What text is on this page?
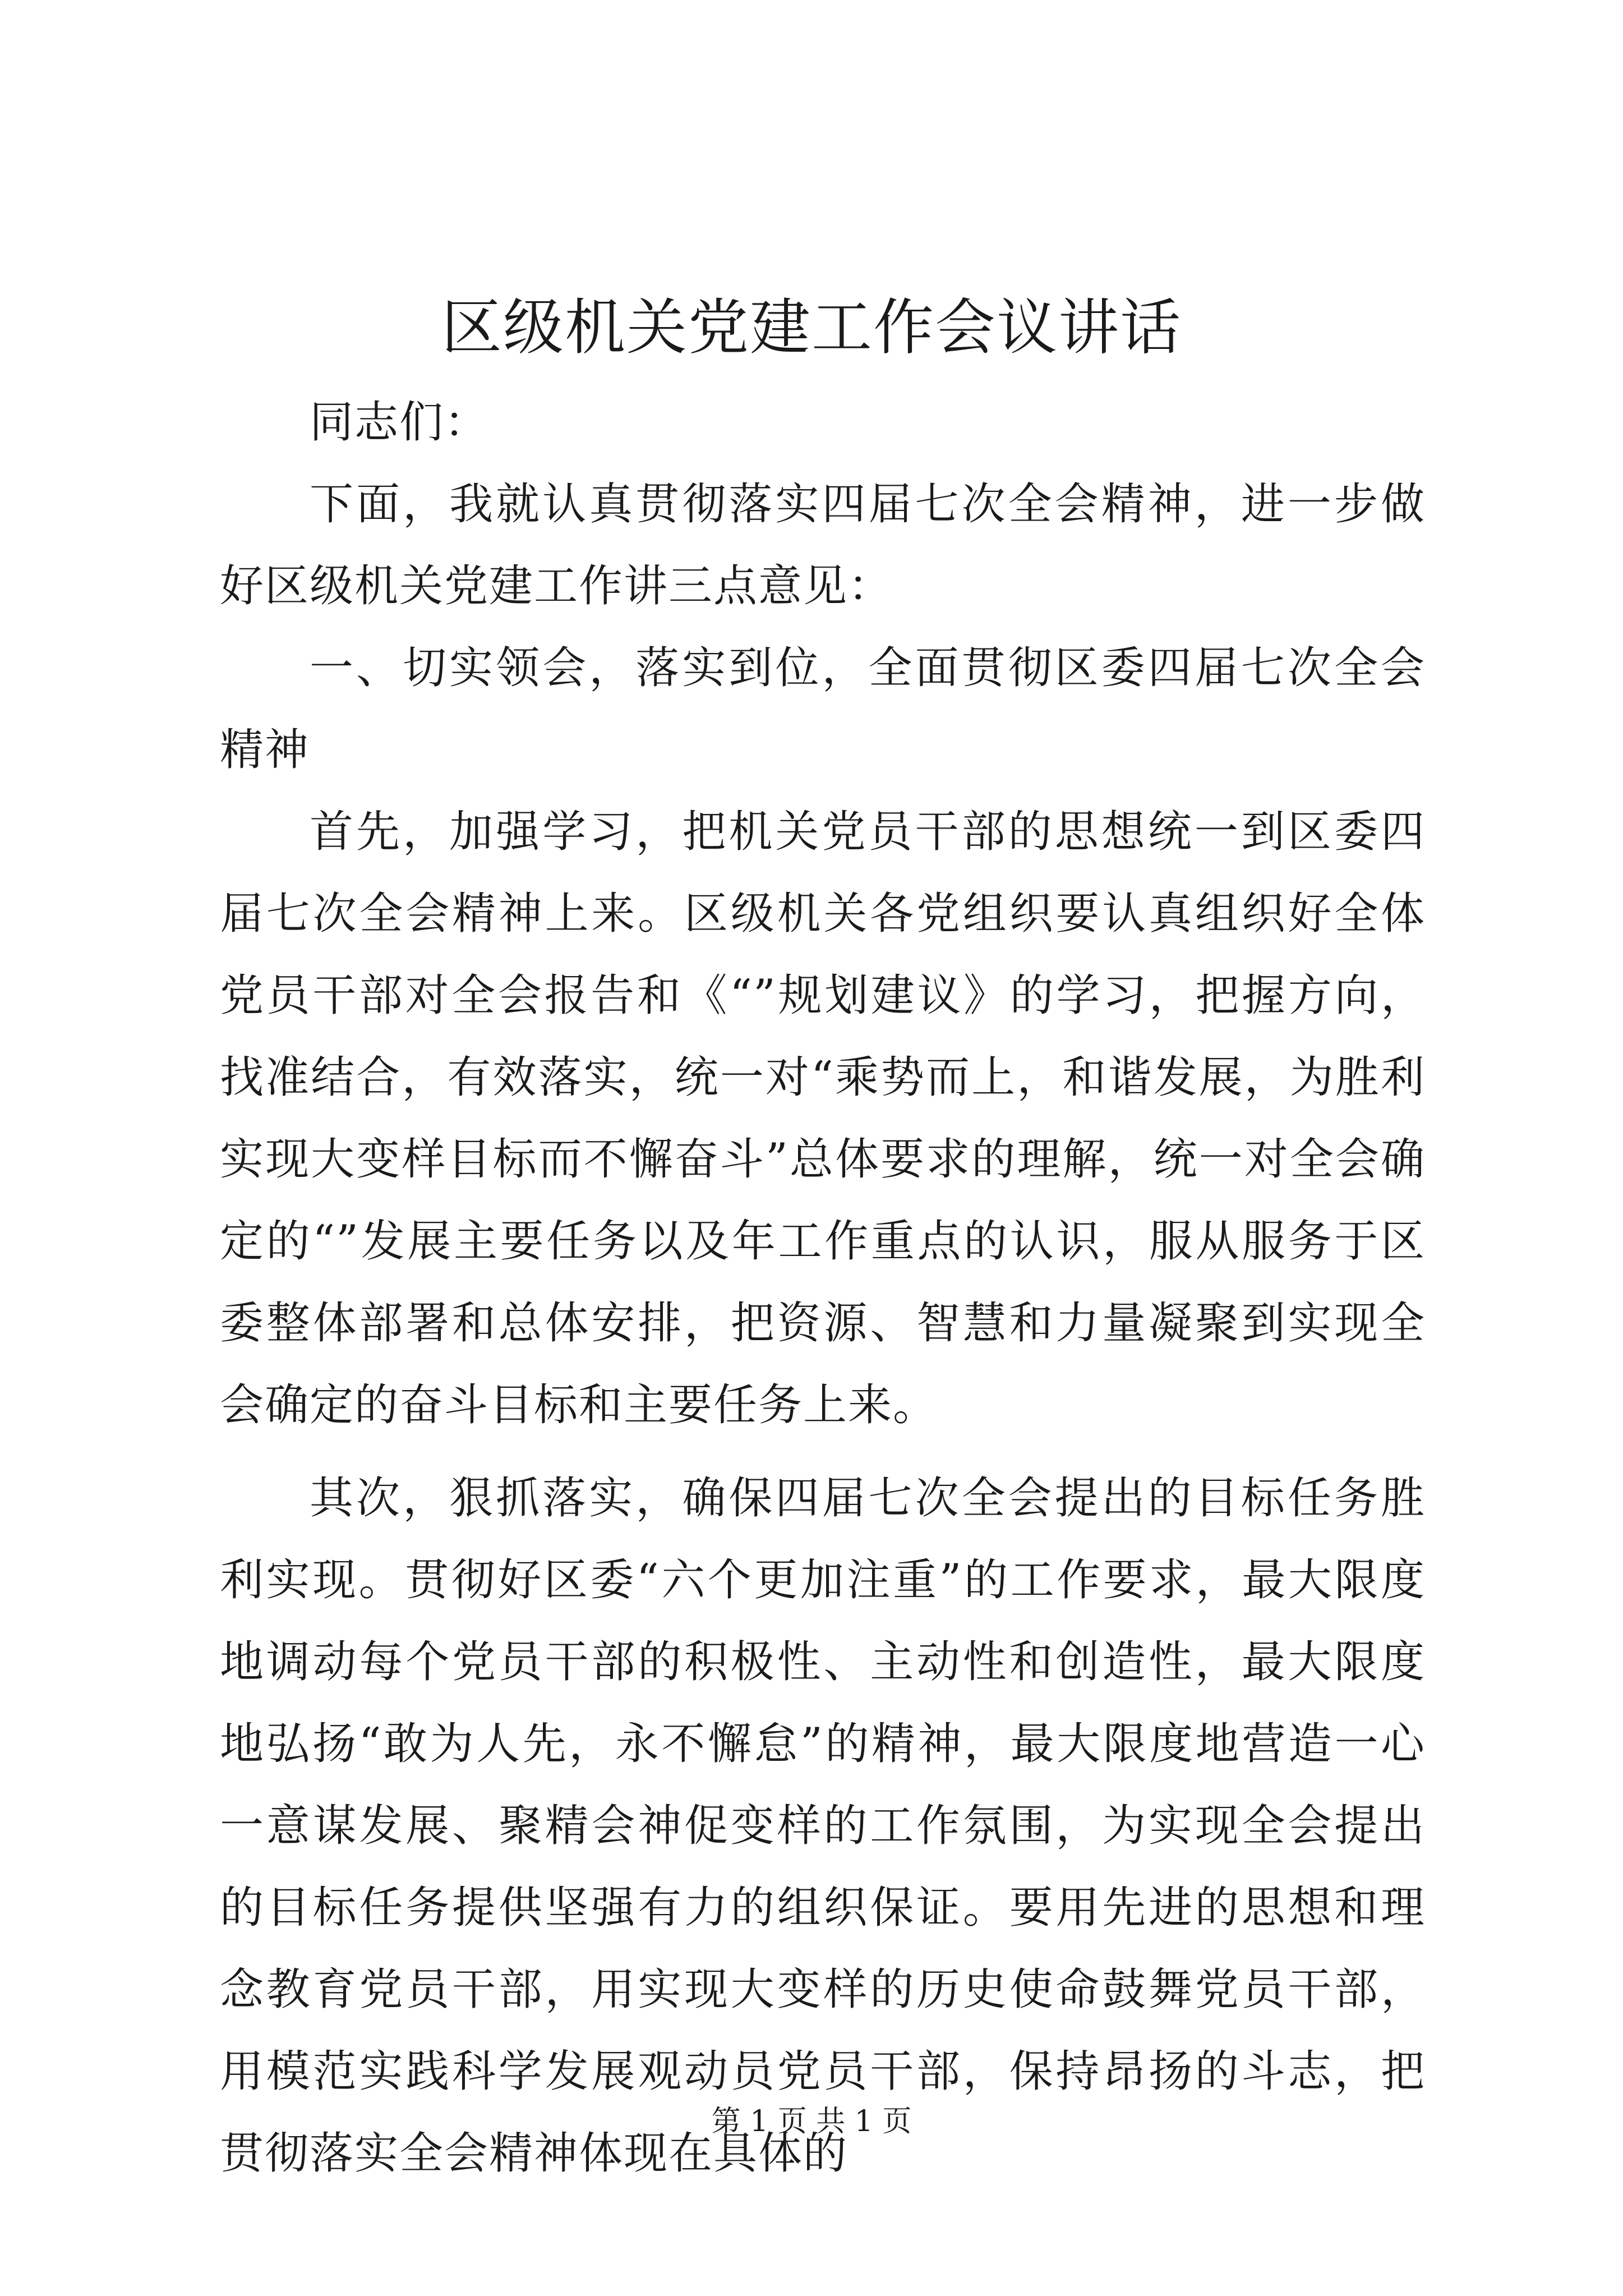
区级机关党建工作会议讲话

同志们：

下面，我就认真贯彻落实四届七次全会精神，进一步做好区级机关党建工作讲三点意见：

一、切实领会，落实到位，全面贯彻区委四届七次全会精神

首先，加强学习，把机关党员干部的思想统一到区委四届七次全会精神上来。区级机关各党组织要认真组织好全体党员干部对全会报告和《“”规划建议》的学习，把握方向，找准结合，有效落实，统一对“乘势而上，和谐发展，为胜利实现大变样目标而不懈奋斗”总体要求的理解，统一对全会确定的“”发展主要任务以及年工作重点的认识，服从服务于区委整体部署和总体安排，把资源、智慧和力量凝聚到实现全会确定的奋斗目标和主要任务上来。

其次，狠抓落实，确保四届七次全会提出的目标任务胜利实现。贯彻好区委“六个更加注重”的工作要求，最大限度地调动每个党员干部的积极性、主动性和创造性，最大限度地弘扬“敢为人先，永不懈怠”的精神，最大限度地营造一心一意谋发展、聚精会神促变样的工作氛围，为实现全会提出的目标任务提供坚强有力的组织保证。要用先进的思想和理念教育党员干部，用实现大变样的历史使命鼓舞党员干部，用模范实践科学发展观动员党员干部，保持昂扬的斗志，把贯彻落实全会精神体现在具体的

第 1 页 共 1 页
